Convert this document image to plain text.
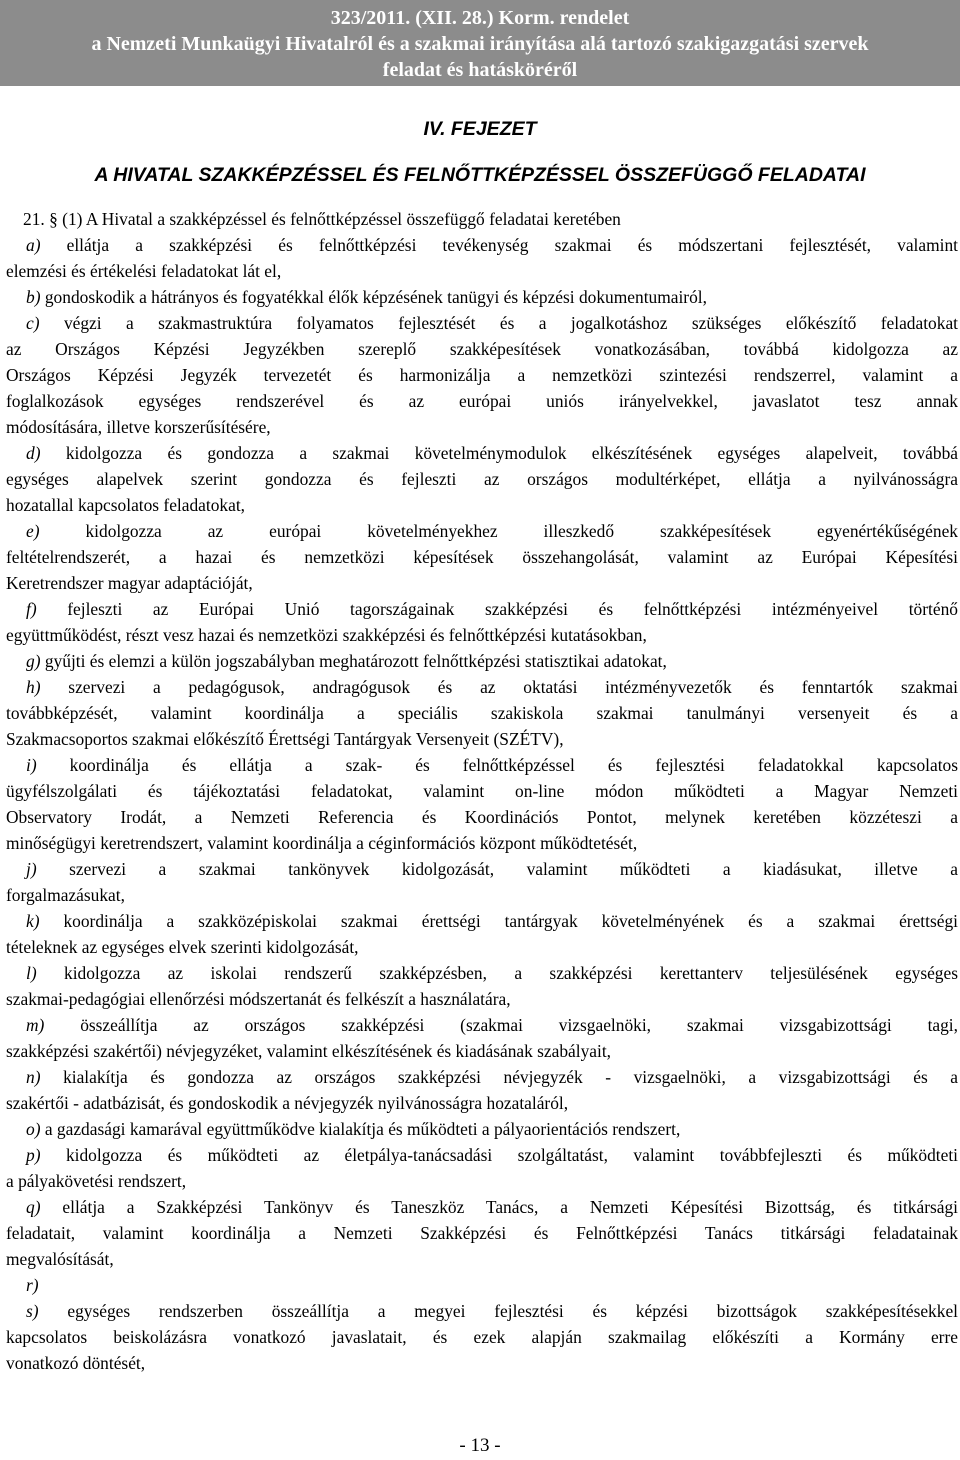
323/2011. (XII. 28.) Korm. rendelet
a Nemzeti Munkaügyi Hivatalról és a szakmai irányítása alá tartozó szakigazgatási szervek
feladat és hatásköréről
IV. FEJEZET
A HIVATAL SZAKKÉPZÉSSEL ÉS FELNŐTTKÉPZÉSSEL ÖSSZEFÜGGŐ FELADATAI
21. § (1) A Hivatal a szakképzéssel és felnőttképzéssel összefüggő feladatai keretében
a) ellátja a szakképzési és felnőttképzési tevékenység szakmai és módszertani fejlesztését, valamint
elemzési és értékelési feladatokat lát el,
b) gondoskodik a hátrányos és fogyatékkal élők képzésének tanügyi és képzési dokumentumairól,
c) végzi a szakmastruktúra folyamatos fejlesztését és a jogalkotáshoz szükséges előkészítő feladatokat
az Országos Képzési Jegyzékben szereplő szakképesítések vonatkozásában, továbbá kidolgozza az
Országos Képzési Jegyzék tervezetét és harmonizálja a nemzetközi szintezési rendszerrel, valamint a
foglalkozások egységes rendszerével és az európai uniós irányelvekkel, javaslatot tesz annak
módosítására, illetve korszerűsítésére,
d) kidolgozza és gondozza a szakmai követelménymodulok elkészítésének egységes alapelveit, továbbá
egységes alapelvek szerint gondozza és fejleszti az országos modultérképet, ellátja a nyilvánosságra
hozatallal kapcsolatos feladatokat,
e)	kidolgozza az európai követelményekhez illeszkedő szakképesítések egyenértékűségének
feltételrendszerét, a hazai és nemzetközi képesítések összehangolását, valamint az Európai Képesítési
Keretrendszer magyar adaptációját,
f) fejleszti az Európai Unió tagországainak szakképzési és felnőttképzési intézményeivel történő
együttműködést, részt vesz hazai és nemzetközi szakképzési és felnőttképzési kutatásokban,
g) gyűjti és elemzi a külön jogszabályban meghatározott felnőttképzési statisztikai adatokat,
h) szervezi a pedagógusok, andragógusok és az oktatási intézményvezetők és fenntartók szakmai
továbbképzését, valamint koordinálja a speciális szakiskola szakmai tanulmányi versenyeit és a
Szakmacsoportos szakmai előkészítő Érettségi Tantárgyak Versenyeit (SZÉTV),
i) koordinálja és ellátja a szak- és felnőttképzéssel és fejlesztési feladatokkal kapcsolatos
ügyfélszolgálati és tájékoztatási feladatokat, valamint on-line módon működteti a Magyar Nemzeti
Observatory Irodát, a Nemzeti Referencia és Koordinációs Pontot, melynek keretében közzéteszi a
minőségügyi keretrendszert, valamint koordinálja a céginformációs központ működtetését,
j) szervezi a szakmai tankönyvek kidolgozását, valamint működteti a kiadásukat, illetve a
forgalmazásukat,
k) koordinálja a szakközépiskolai szakmai érettségi tantárgyak követelményének és a szakmai érettségi
tételeknek az egységes elvek szerinti kidolgozását,
l) kidolgozza az iskolai rendszerű szakképzésben, a szakképzési kerettanterv teljesülésének egységes
szakmai-pedagógiai ellenőrzési módszertanát és felkészít a használatára,
m) összeállítja az országos szakképzési (szakmai vizsgaelnöki, szakmai vizsgabizottsági tagi,
szakképzési szakértői) névjegyzéket, valamint elkészítésének és kiadásának szabályait,
n) kialakítja és gondozza az országos szakképzési névjegyzék - vizsgaelnöki, a vizsgabizottsági és a
szakértői - adatbázisát, és gondoskodik a névjegyzék nyilvánosságra hozataláról,
o) a gazdasági kamarával együttműködve kialakítja és működteti a pályaorientációs rendszert,
p) kidolgozza és működteti az életpálya-tanácsadási szolgáltatást, valamint továbbfejleszti és működteti
a pályakövetési rendszert,
q) ellátja a Szakképzési Tankönyv és Taneszköz Tanács, a Nemzeti Képesítési Bizottság, és titkársági
feladatait, valamint koordinálja a Nemzeti Szakképzési és Felnőttképzési Tanács titkársági feladatainak
megvalósítását,
r)
s) egységes rendszerben összeállítja a megyei fejlesztési és képzési bizottságok szakképesítésekkel
kapcsolatos beiskolázásra vonatkozó javaslatait, és ezek alapján szakmailag előkészíti a Kormány erre
vonatkozó döntését,
- 13 -
